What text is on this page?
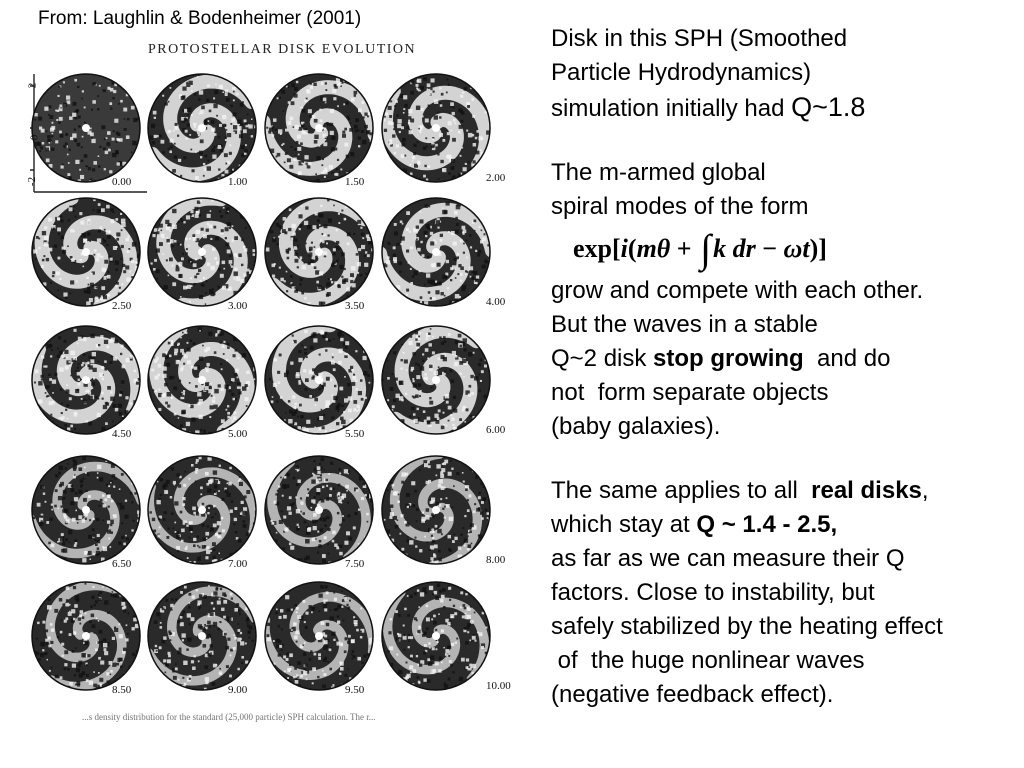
From: Laughlin & Bodenheimer (2001)
PROTOSTELLAR DISK EVOLUTION
0.00	1.00	1.50	2.00
2.50	3.00	3.50	4.00
4.50	5.00	5.50	6.00
6.50	7.00	7.50	8.00
8.50	9.00	9.50	10.00
2
0
-2
...s density distribution for the standard (25,000 particle) SPH calculation. The r...

Disk in this SPH (Smoothed

Particle Hydrodynamics)

simulation initially had Q~1.8

The m-armed global

spiral modes of the form

exp[ i ( mθ + ∫ k dr − ωt )]

grow and compete with each other.

But the waves in a stable

Q~2 disk stop growing  and do

not  form separate objects

(baby galaxies).

The same applies to all  real disks,

which stay at Q ~ 1.4 - 2.5,

as far as we can measure their Q

factors. Close to instability, but

safely stabilized by the heating effect

of  the huge nonlinear waves

(negative feedback effect).
